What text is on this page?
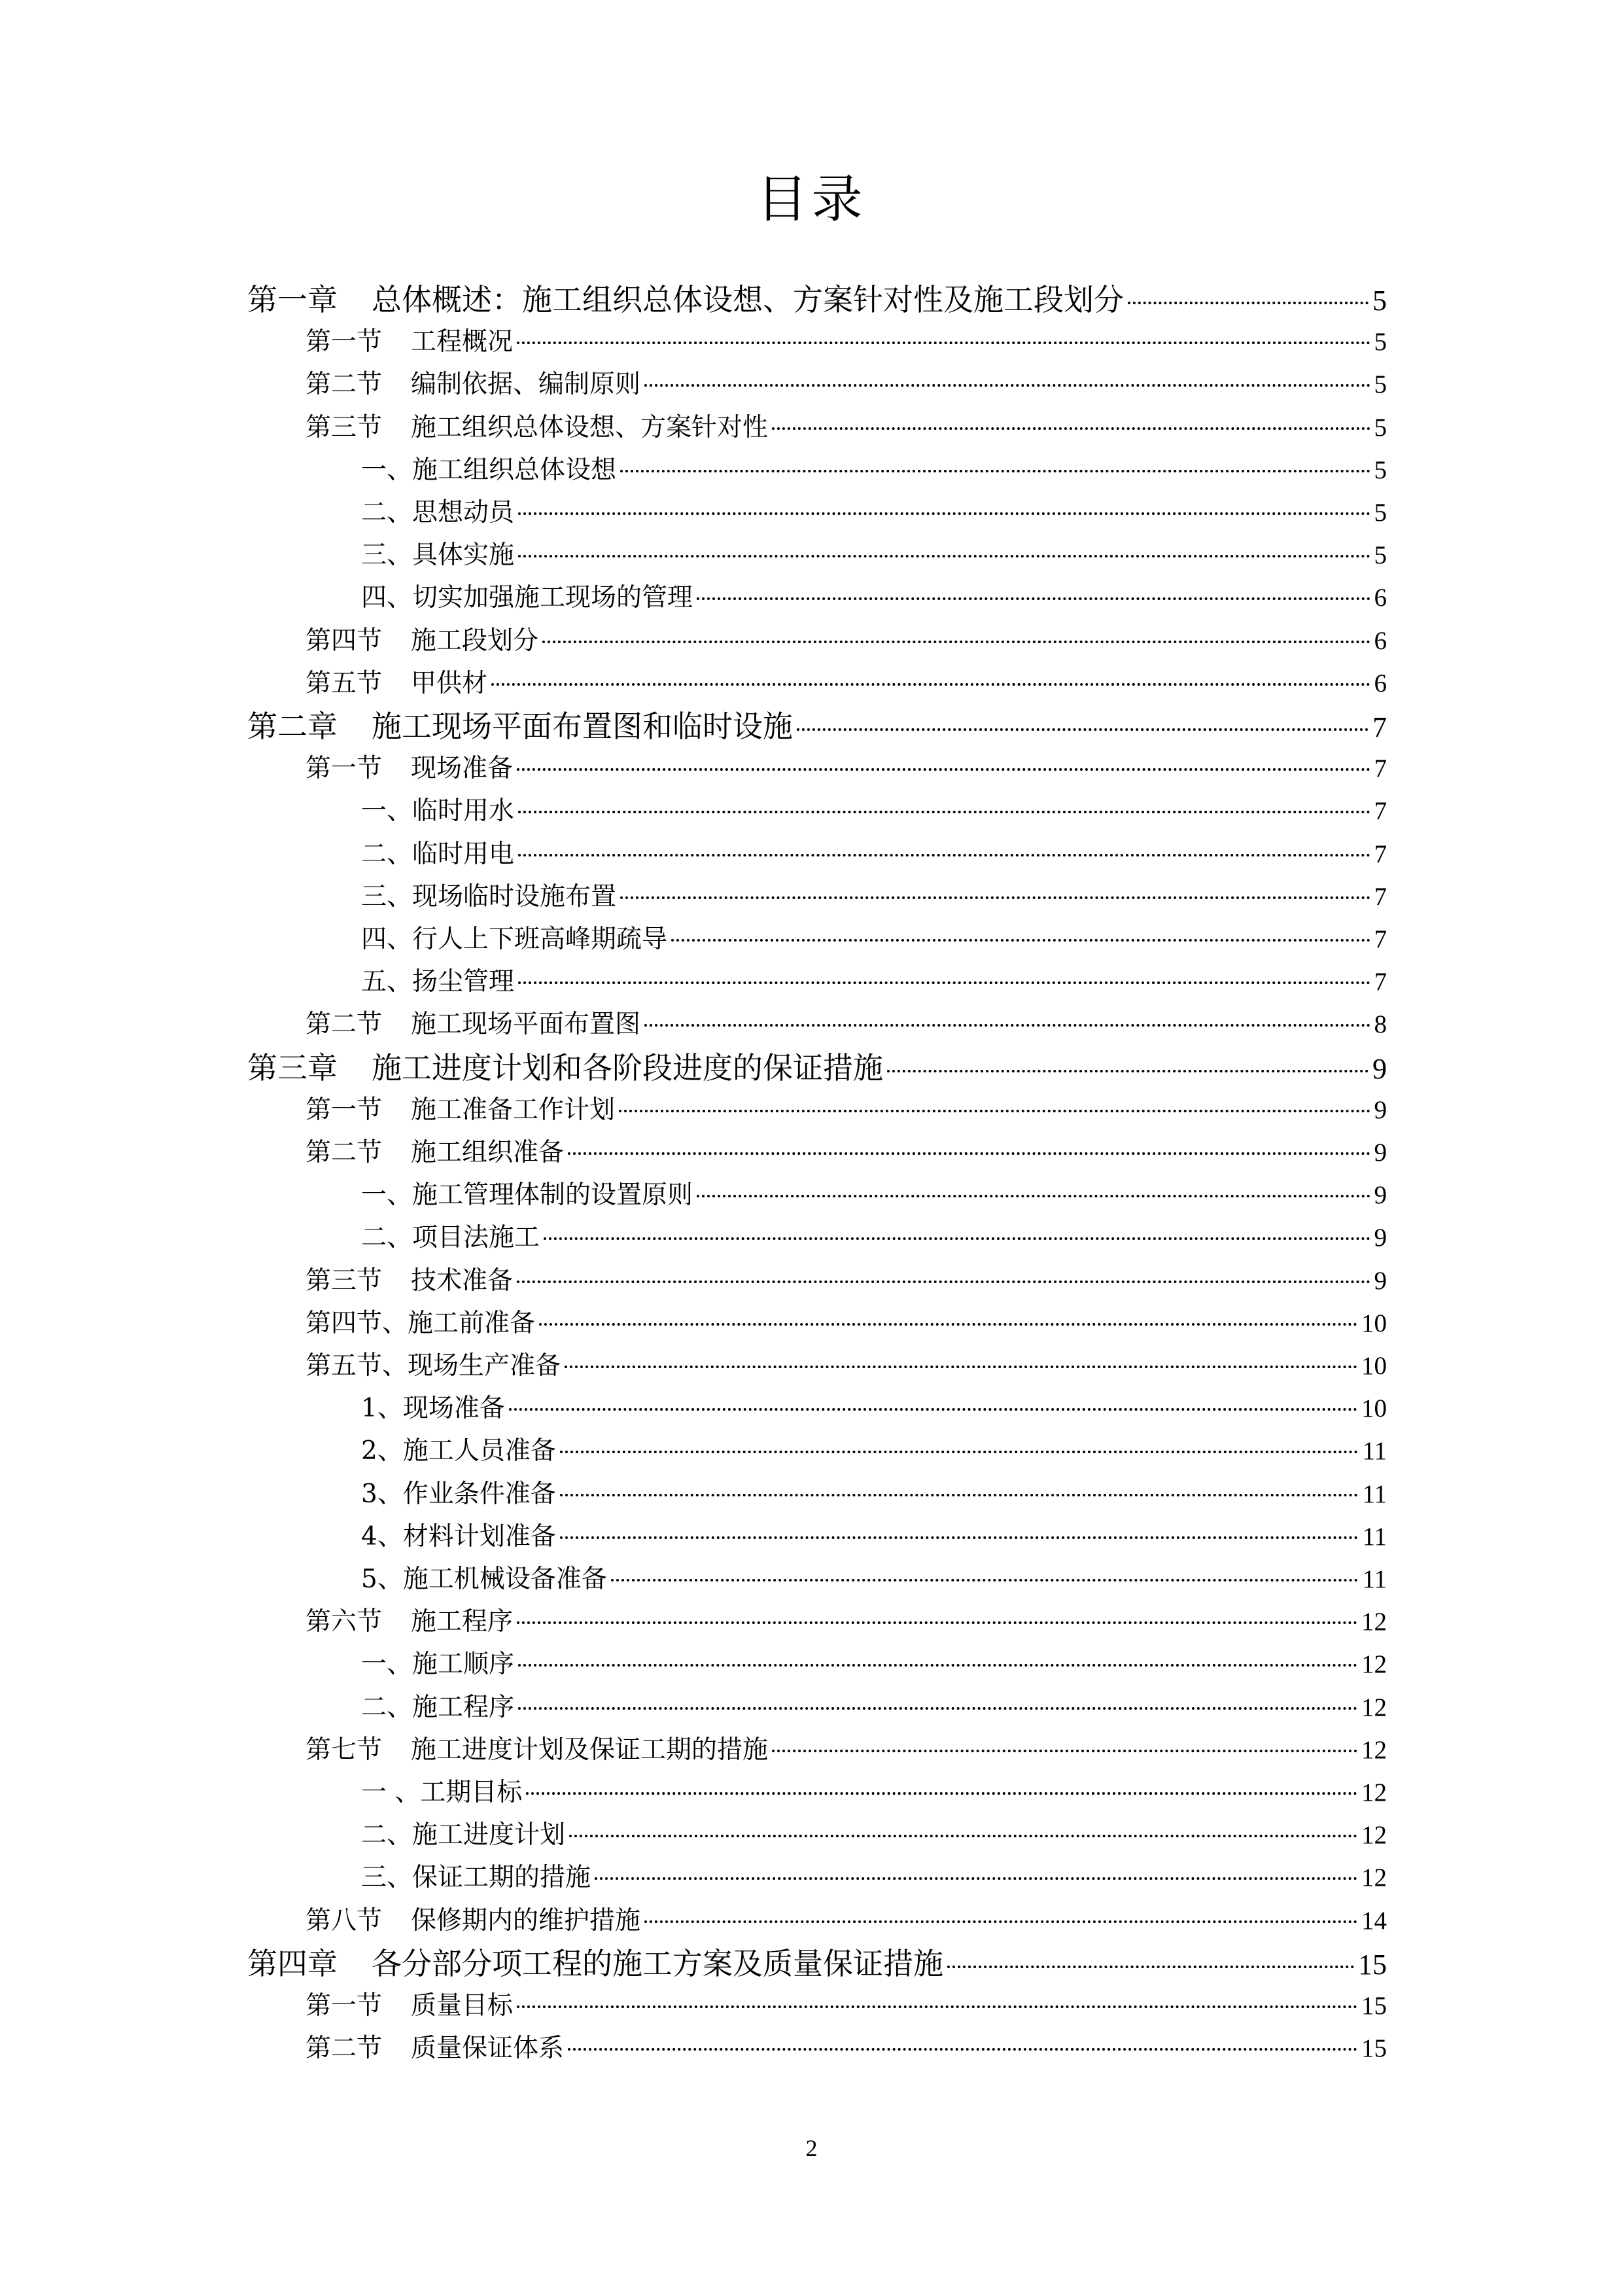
目录
第一章 总体概述：施工组织总体设想、方案针对性及施工段划分	5
第一节 工程概况	5
第二节 编制依据、编制原则	5
第三节 施工组织总体设想、方案针对性	5
一、施工组织总体设想	5
二、思想动员	5
三、具体实施	5
四、切实加强施工现场的管理	6
第四节 施工段划分	6
第五节 甲供材	6
第二章 施工现场平面布置图和临时设施	7
第一节 现场准备	7
一、临时用水	7
二、临时用电	7
三、现场临时设施布置	7
四、行人上下班高峰期疏导	7
五、扬尘管理	7
第二节 施工现场平面布置图	8
第三章 施工进度计划和各阶段进度的保证措施	9
第一节 施工准备工作计划	9
第二节 施工组织准备	9
一、施工管理体制的设置原则	9
二、项目法施工	9
第三节 技术准备	9
第四节、施工前准备	10
第五节、现场生产准备	10
1、现场准备	10
2、施工人员准备	11
3、作业条件准备	11
4、材料计划准备	11
5、施工机械设备准备	11
第六节 施工程序	12
一、施工顺序	12
二、施工程序	12
第七节 施工进度计划及保证工期的措施	12
一 、工期目标	12
二、施工进度计划	12
三、保证工期的措施	12
第八节 保修期内的维护措施	14
第四章 各分部分项工程的施工方案及质量保证措施	15
第一节 质量目标	15
第二节 质量保证体系	15
2
